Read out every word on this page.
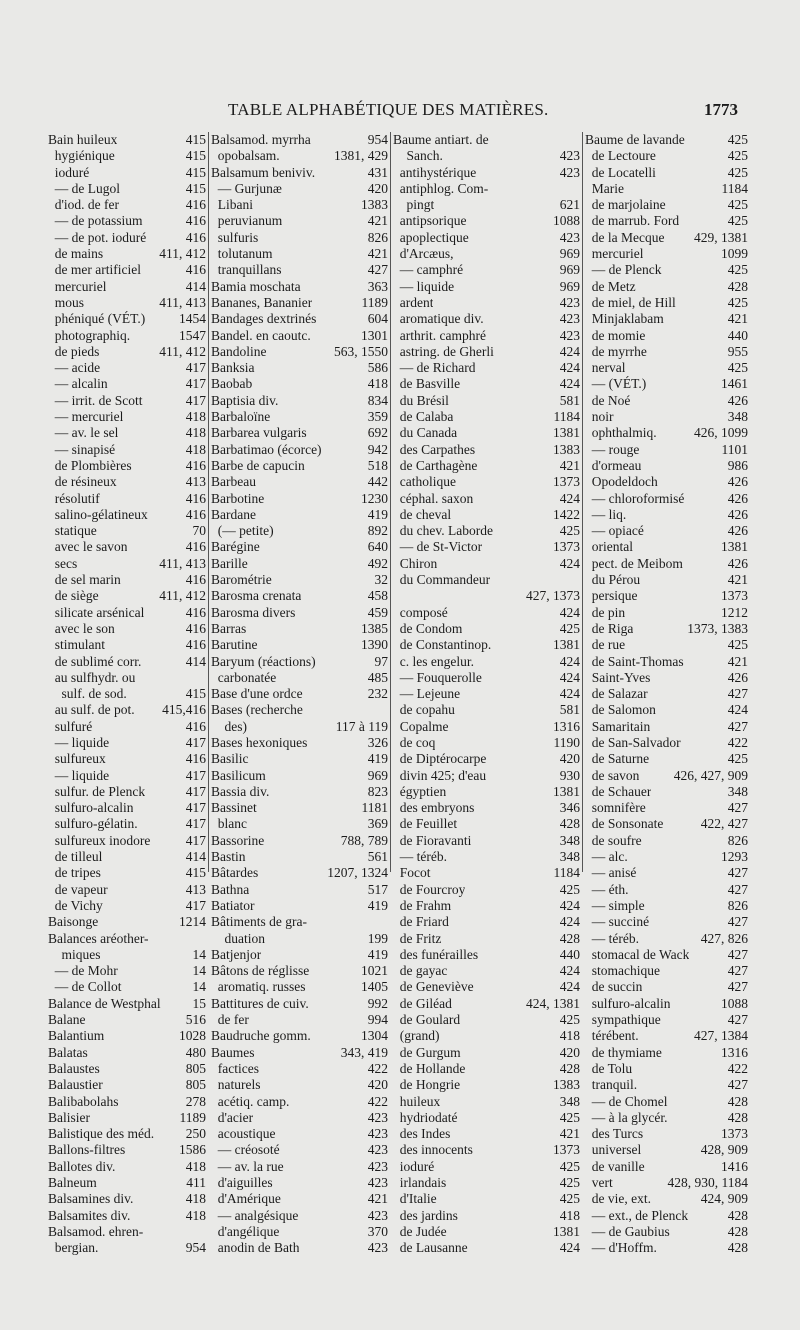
TABLE ALPHABÉTIQUE DES MATIÈRES.	1773
Bain huileux	415
hygiénique	415
ioduré	415
— de Lugol	415
d'iod. de fer	416
— de potassium	416
— de pot. ioduré	416
de mains	411, 412
de mer artificiel	416
mercuriel	414
mous	411, 413
phéniqué (VÉT.)	1454
photographiq.	1547
de pieds	411, 412
— acide	417
— alcalin	417
— irrit. de Scott	417
— mercuriel	418
— av. le sel	418
— sinapisé	418
de Plombières	416
de résineux	413
résolutif	416
salino-gélatineux	416
statique	70
avec le savon	416
secs	411, 413
de sel marin	416
de siège	411, 412
silicate arsénical	416
avec le son	416
stimulant	416
de sublimé corr.	414
au sulfhydr. ou
sulf. de sod.	415
au sulf. de pot. 415,416
sulfuré	416
— liquide	417
sulfureux	416
— liquide	417
sulfur. de Plenck	417
sulfuro-alcalin	417
sulfuro-gélatin.	417
sulfureux inodore	417
de tilleul	414
de tripes	415
de vapeur	413
de Vichy	417
Baisonge	1214
Balances aréother-
miques	14
— de Mohr	14
— de Collot	14
Balance de Westphal 15
Balane	516
Balantium	1028
Balatas	480
Balaustes	805
Balaustier	805
Balibabolahs	278
Balisier	1189
Balistique des méd. 250
Ballons-filtres	1586
Ballotes div.	418
Balneum	411
Balsamines div.	418
Balsamites div.	418
Balsamod. ehren-
bergian.	954
Balsamod. myrrha	954
opobalsam.	1381, 429
Balsamum beniviv.	431
— Gurjunæ	420
Libani	1383
peruvianum	421
sulfuris	826
tolutanum	421
tranquillans	427
Bamia moschata	363
Bananes, Bananier	1189
Bandages dextrinés	604
Bandel. en caoutc.	1301
Bandoline	563, 1550
Banksia	586
Baobab	418
Baptisia div.	834
Barbaloïne	359
Barbarea vulgaris	692
Barbatimao (écorce)	942
Barbe de capucin	518
Barbeau	442
Barbotine	1230
Bardane	419
(— petite)	892
Barégine	640
Barille	492
Barométrie	32
Barosma crenata	458
Barosma divers	459
Barras	1385
Barutine	1390
Baryum (réactions)	97
carbonatée	485
Base d'une ordce	232
Bases (recherche
des)	117 à 119
Bases hexoniques	326
Basilic	419
Basilicum	969
Bassia div.	823
Bassinet	1181
blanc	369
Bassorine	788, 789
Bastin	561
Bâtardes	1207, 1324
Bathna	517
Batiator	419
Bâtiments de gra-
duation	199
Batjenjor	419
Bâtons de réglisse	1021
aromatiq. russes	1405
Battitures de cuiv.	992
de fer	994
Baudruche gomm.	1304
Baumes	343, 419
factices	422
naturels	420
acétiq. camp.	422
d'acier	423
acoustique	423
— créosoté	423
— av. la rue	423
d'aiguilles	423
d'Amérique	421
— analgésique	423
d'angélique	370
anodin de Bath	423
Baume antiart. de
Sanch.	423
antihystérique	423
antiphlog. Com-
pingt	621
antipsorique	1088
apoplectique	423
d'Arcæus,	969
— camphré	969
— liquide	969
ardent	423
aromatique div.	423
arthrit. camphré	423
astring. de Gherli	424
— de Richard	424
de Basville	424
du Brésil	581
de Calaba	1184
du Canada	1381
des Carpathes	1383
de Carthagène	421
catholique	1373
céphal. saxon	424
de cheval	1422
du chev. Laborde	425
— de St-Victor	1373
Chiron	424
du Commandeur
427, 1373
composé	424
de Condom	425
de Constantinop.	1381
c. les engelur.	424
— Fouquerolle	424
— Lejeune	424
de copahu	581
Copalme	1316
de coq	1190
de Diptérocarpe	420
divin 425; d'eau	930
égyptien	1381
des embryons	346
de Feuillet	428
de Fioravanti	348
— téréb.	348
Focot	1184
de Fourcroy	425
de Frahm	424
de Friard	424
de Fritz	428
des funérailles	440
de gayac	424
de Geneviève	424
de Giléad	424, 1381
de Goulard	425
(grand)	418
de Gurgum	420
de Hollande	428
de Hongrie	1383
huileux	348
hydriodaté	425
des Indes	421
des innocents	1373
ioduré	425
irlandais	425
d'Italie	425
des jardins	418
de Judée	1381
de Lausanne	424
Baume de lavande	425
de Lectoure	425
de Locatelli	425
Marie	1184
de marjolaine	425
de marrub. Ford	425
de la Mecque 429, 1381
mercuriel	1099
— de Plenck	425
de Metz	428
de miel, de Hill	425
Minjaklabam	421
de momie	440
de myrrhe	955
nerval	425
— (VÉT.)	1461
de Noé	426
noir	348
ophthalmiq.	426, 1099
— rouge	1101
d'ormeau	986
Opodeldoch	426
— chloroformisé	426
— liq.	426
— opiacé	426
oriental	1381
pect. de Meibom	426
du Pérou	421
persique	1373
de pin	1212
de Riga	1373, 1383
de rue	425
de Saint-Thomas	421
Saint-Yves	426
de Salazar	427
de Salomon	424
Samaritain	427
de San-Salvador	422
de Saturne	425
de savon	426, 427, 909
de Schauer	348
somnifère	427
de Sonsonate	422, 427
de soufre	826
— alc.	1293
— anisé	427
— éth.	427
— simple	826
— succiné	427
— téréb.	427, 826
stomacal de Wack	427
stomachique	427
de succin	427
sulfuro-alcalin	1088
sympathique	427
térébent.	427, 1384
de thymiame	1316
de Tolu	422
tranquil.	427
— de Chomel	428
— à la glycér.	428
des Turcs	1373
universel	428, 909
de vanille	1416
vert	428, 930, 1184
de vie, ext.	424, 909
— ext., de Plenck	428
— de Gaubius	428
— d'Hoffm.	428
